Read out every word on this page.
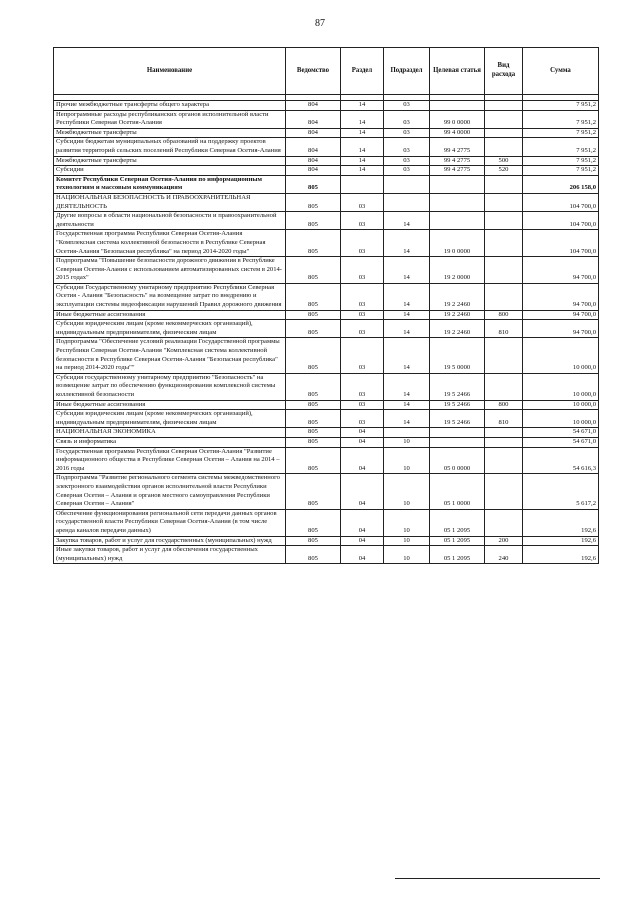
87
Наименование	Ведомство	Раздел	Подраздел	Целевая статья	Вид расхода	Сумма

Прочие межбюджетные трансферты общего характера	804	14	03			7 951,2
Непрограммные расходы республиканских органов исполнительной власти Республики Северная Осетия-Алания	804	14	03	99 0 0000		7 951,2
Межбюджетные трансферты	804	14	03	99 4 0000		7 951,2
Субсидии бюджетам муниципальных образований на поддержку проектов развития территорий сельских поселений Республики Северная Осетия-Алания	804	14	03	99 4 2775		7 951,2
Межбюджетные трансферты	804	14	03	99 4 2775	500	7 951,2
Субсидии	804	14	03	99 4 2775	520	7 951,2
Комитет Республики Северная Осетия-Алания по информационным технологиям и массовым коммуникациям	805					206 158,0
НАЦИОНАЛЬНАЯ БЕЗОПАСНОСТЬ И ПРАВООХРАНИТЕЛЬНАЯ ДЕЯТЕЛЬНОСТЬ	805	03				104 700,0
Другие вопросы в области национальной безопасности и правоохранительной деятельности	805	03	14			104 700,0
Государственная программа Республики Северная Осетия-Алания "Комплексная система коллективной безопасности в Республике Северная Осетия-Алания "Безопасная республика" на период 2014-2020 годы"	805	03	14	19 0 0000		104 700,0
Подпрограмма "Повышение безопасности дорожного движения в Республике Северная Осетия-Алания с использованием автоматизированных систем в 2014-2015 годах"	805	03	14	19 2 0000		94 700,0
Субсидии Государственному унитарному предприятию Республики Северная Осетия - Алания "Безопасность" на возмещение затрат по внедрению и эксплуатации системы видеофиксации нарушений Правил дорожного движения	805	03	14	19 2 2460		94 700,0
Иные бюджетные ассигнования	805	03	14	19 2 2460	800	94 700,0
Субсидии юридическим лицам (кроме некоммерческих организаций), индивидуальным предпринимателям, физическим лицам	805	03	14	19 2 2460	810	94 700,0
Подпрограмма "Обеспечение условий реализации Государственной программы Республики Северная Осетия-Алания "Комплексная система коллективной безопасности в Республике Северная Осетия-Алания "Безопасная республика" на период 2014-2020 годы""	805	03	14	19 5 0000		10 000,0
Субсидия государственному унитарному предприятию "Безопасность" на возмещение затрат по обеспечению функционирования комплексной системы коллективной безопасности	805	03	14	19 5 2466		10 000,0
Иные бюджетные ассигнования	805	03	14	19 5 2466	800	10 000,0
Субсидии юридическим лицам (кроме некоммерческих организаций), индивидуальным предпринимателям, физическим лицам	805	03	14	19 5 2466	810	10 000,0
НАЦИОНАЛЬНАЯ ЭКОНОМИКА	805	04				54 671,0
Связь и информатика	805	04	10			54 671,0
Государственная программа Республики Северная Осетия-Алания "Развитие информационного общества в Республике Северная Осетия – Алания на 2014 – 2016 годы	805	04	10	05 0 0000		54 616,3
Подпрограмма "Развитие регионального сегмента системы межведомственного электронного взаимодействия органов исполнительной власти Республики Северная Осетия – Алания и органов местного самоуправления Республики Северная Осетия – Алания"	805	04	10	05 1 0000		5 617,2
Обеспечение функционирования региональной сети передачи данных органов государственной власти Республики Северная Осетия-Алания (в том числе аренда каналов передачи данных)	805	04	10	05 1 2095		192,6
Закупка товаров, работ и услуг для государственных (муниципальных) нужд	805	04	10	05 1 2095	200	192,6
Иные закупки товаров, работ и услуг для обеспечения государственных (муниципальных) нужд	805	04	10	05 1 2095	240	192,6
